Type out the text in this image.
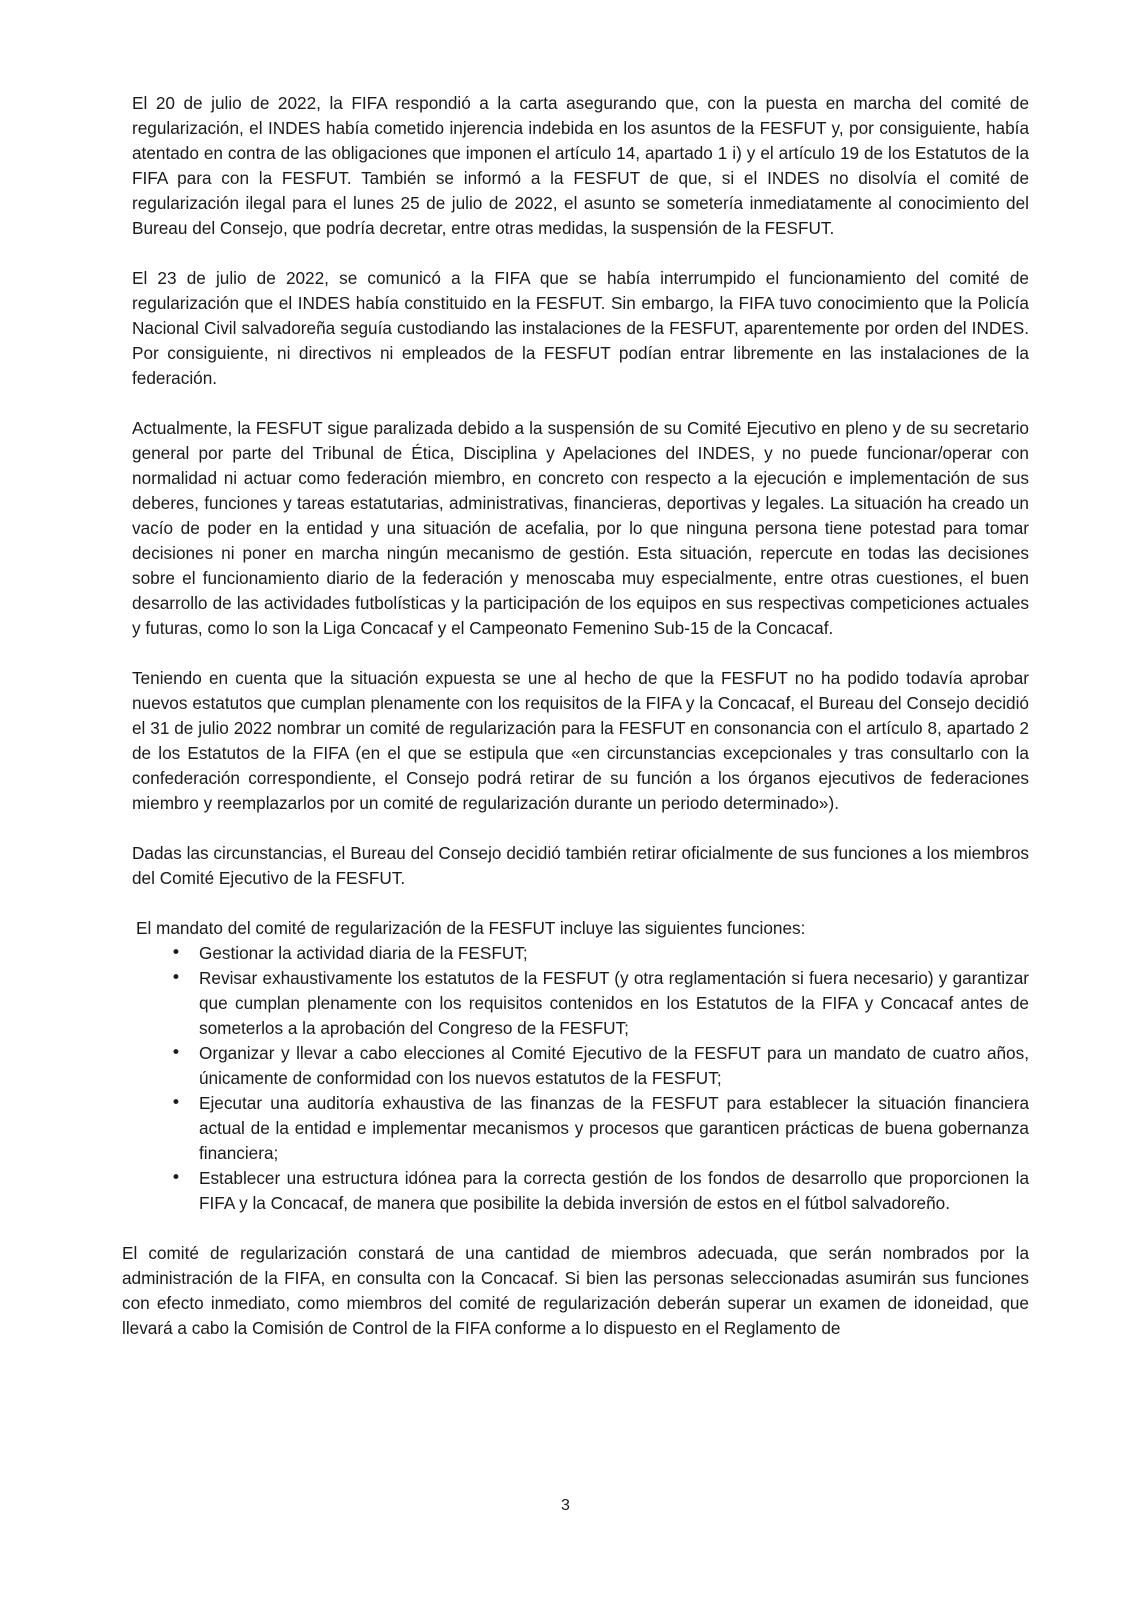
El 20 de julio de 2022, la FIFA respondió a la carta asegurando que, con la puesta en marcha del comité de regularización, el INDES había cometido injerencia indebida en los asuntos de la FESFUT y, por consiguiente, había atentado en contra de las obligaciones que imponen el artículo 14, apartado 1 i) y el artículo 19 de los Estatutos de la FIFA para con la FESFUT. También se informó a la FESFUT de que, si el INDES no disolvía el comité de regularización ilegal para el lunes 25 de julio de 2022, el asunto se sometería inmediatamente al conocimiento del Bureau del Consejo, que podría decretar, entre otras medidas, la suspensión de la FESFUT.

El 23 de julio de 2022, se comunicó a la FIFA que se había interrumpido el funcionamiento del comité de regularización que el INDES había constituido en la FESFUT. Sin embargo, la FIFA tuvo conocimiento que la Policía Nacional Civil salvadoreña seguía custodiando las instalaciones de la FESFUT, aparentemente por orden del INDES. Por consiguiente, ni directivos ni empleados de la FESFUT podían entrar libremente en las instalaciones de la federación.

Actualmente, la FESFUT sigue paralizada debido a la suspensión de su Comité Ejecutivo en pleno y de su secretario general por parte del Tribunal de Ética, Disciplina y Apelaciones del INDES, y no puede funcionar/operar con normalidad ni actuar como federación miembro, en concreto con respecto a la ejecución e implementación de sus deberes, funciones y tareas estatutarias, administrativas, financieras, deportivas y legales. La situación ha creado un vacío de poder en la entidad y una situación de acefalia, por lo que ninguna persona tiene potestad para tomar decisiones ni poner en marcha ningún mecanismo de gestión. Esta situación, repercute en todas las decisiones sobre el funcionamiento diario de la federación y menoscaba muy especialmente, entre otras cuestiones, el buen desarrollo de las actividades futbolísticas y la participación de los equipos en sus respectivas competiciones actuales y futuras, como lo son la Liga Concacaf y el Campeonato Femenino Sub-15 de la Concacaf.

Teniendo en cuenta que la situación expuesta se une al hecho de que la FESFUT no ha podido todavía aprobar nuevos estatutos que cumplan plenamente con los requisitos de la FIFA y la Concacaf, el Bureau del Consejo decidió el 31 de julio 2022 nombrar un comité de regularización para la FESFUT en consonancia con el artículo 8, apartado 2 de los Estatutos de la FIFA (en el que se estipula que «en circunstancias excepcionales y tras consultarlo con la confederación correspondiente, el Consejo podrá retirar de su función a los órganos ejecutivos de federaciones miembro y reemplazarlos por un comité de regularización durante un periodo determinado»).

Dadas las circunstancias, el Bureau del Consejo decidió también retirar oficialmente de sus funciones a los miembros del Comité Ejecutivo de la FESFUT.

El mandato del comité de regularización de la FESFUT incluye las siguientes funciones:

• Gestionar la actividad diaria de la FESFUT;
• Revisar exhaustivamente los estatutos de la FESFUT (y otra reglamentación si fuera necesario) y garantizar que cumplan plenamente con los requisitos contenidos en los Estatutos de la FIFA y Concacaf antes de someterlos a la aprobación del Congreso de la FESFUT;
• Organizar y llevar a cabo elecciones al Comité Ejecutivo de la FESFUT para un mandato de cuatro años, únicamente de conformidad con los nuevos estatutos de la FESFUT;
• Ejecutar una auditoría exhaustiva de las finanzas de la FESFUT para establecer la situación financiera actual de la entidad e implementar mecanismos y procesos que garanticen prácticas de buena gobernanza financiera;
• Establecer una estructura idónea para la correcta gestión de los fondos de desarrollo que proporcionen la FIFA y la Concacaf, de manera que posibilite la debida inversión de estos en el fútbol salvadoreño.

El comité de regularización constará de una cantidad de miembros adecuada, que serán nombrados por la administración de la FIFA, en consulta con la Concacaf. Si bien las personas seleccionadas asumirán sus funciones con efecto inmediato, como miembros del comité de regularización deberán superar un examen de idoneidad, que llevará a cabo la Comisión de Control de la FIFA conforme a lo dispuesto en el Reglamento de

3
